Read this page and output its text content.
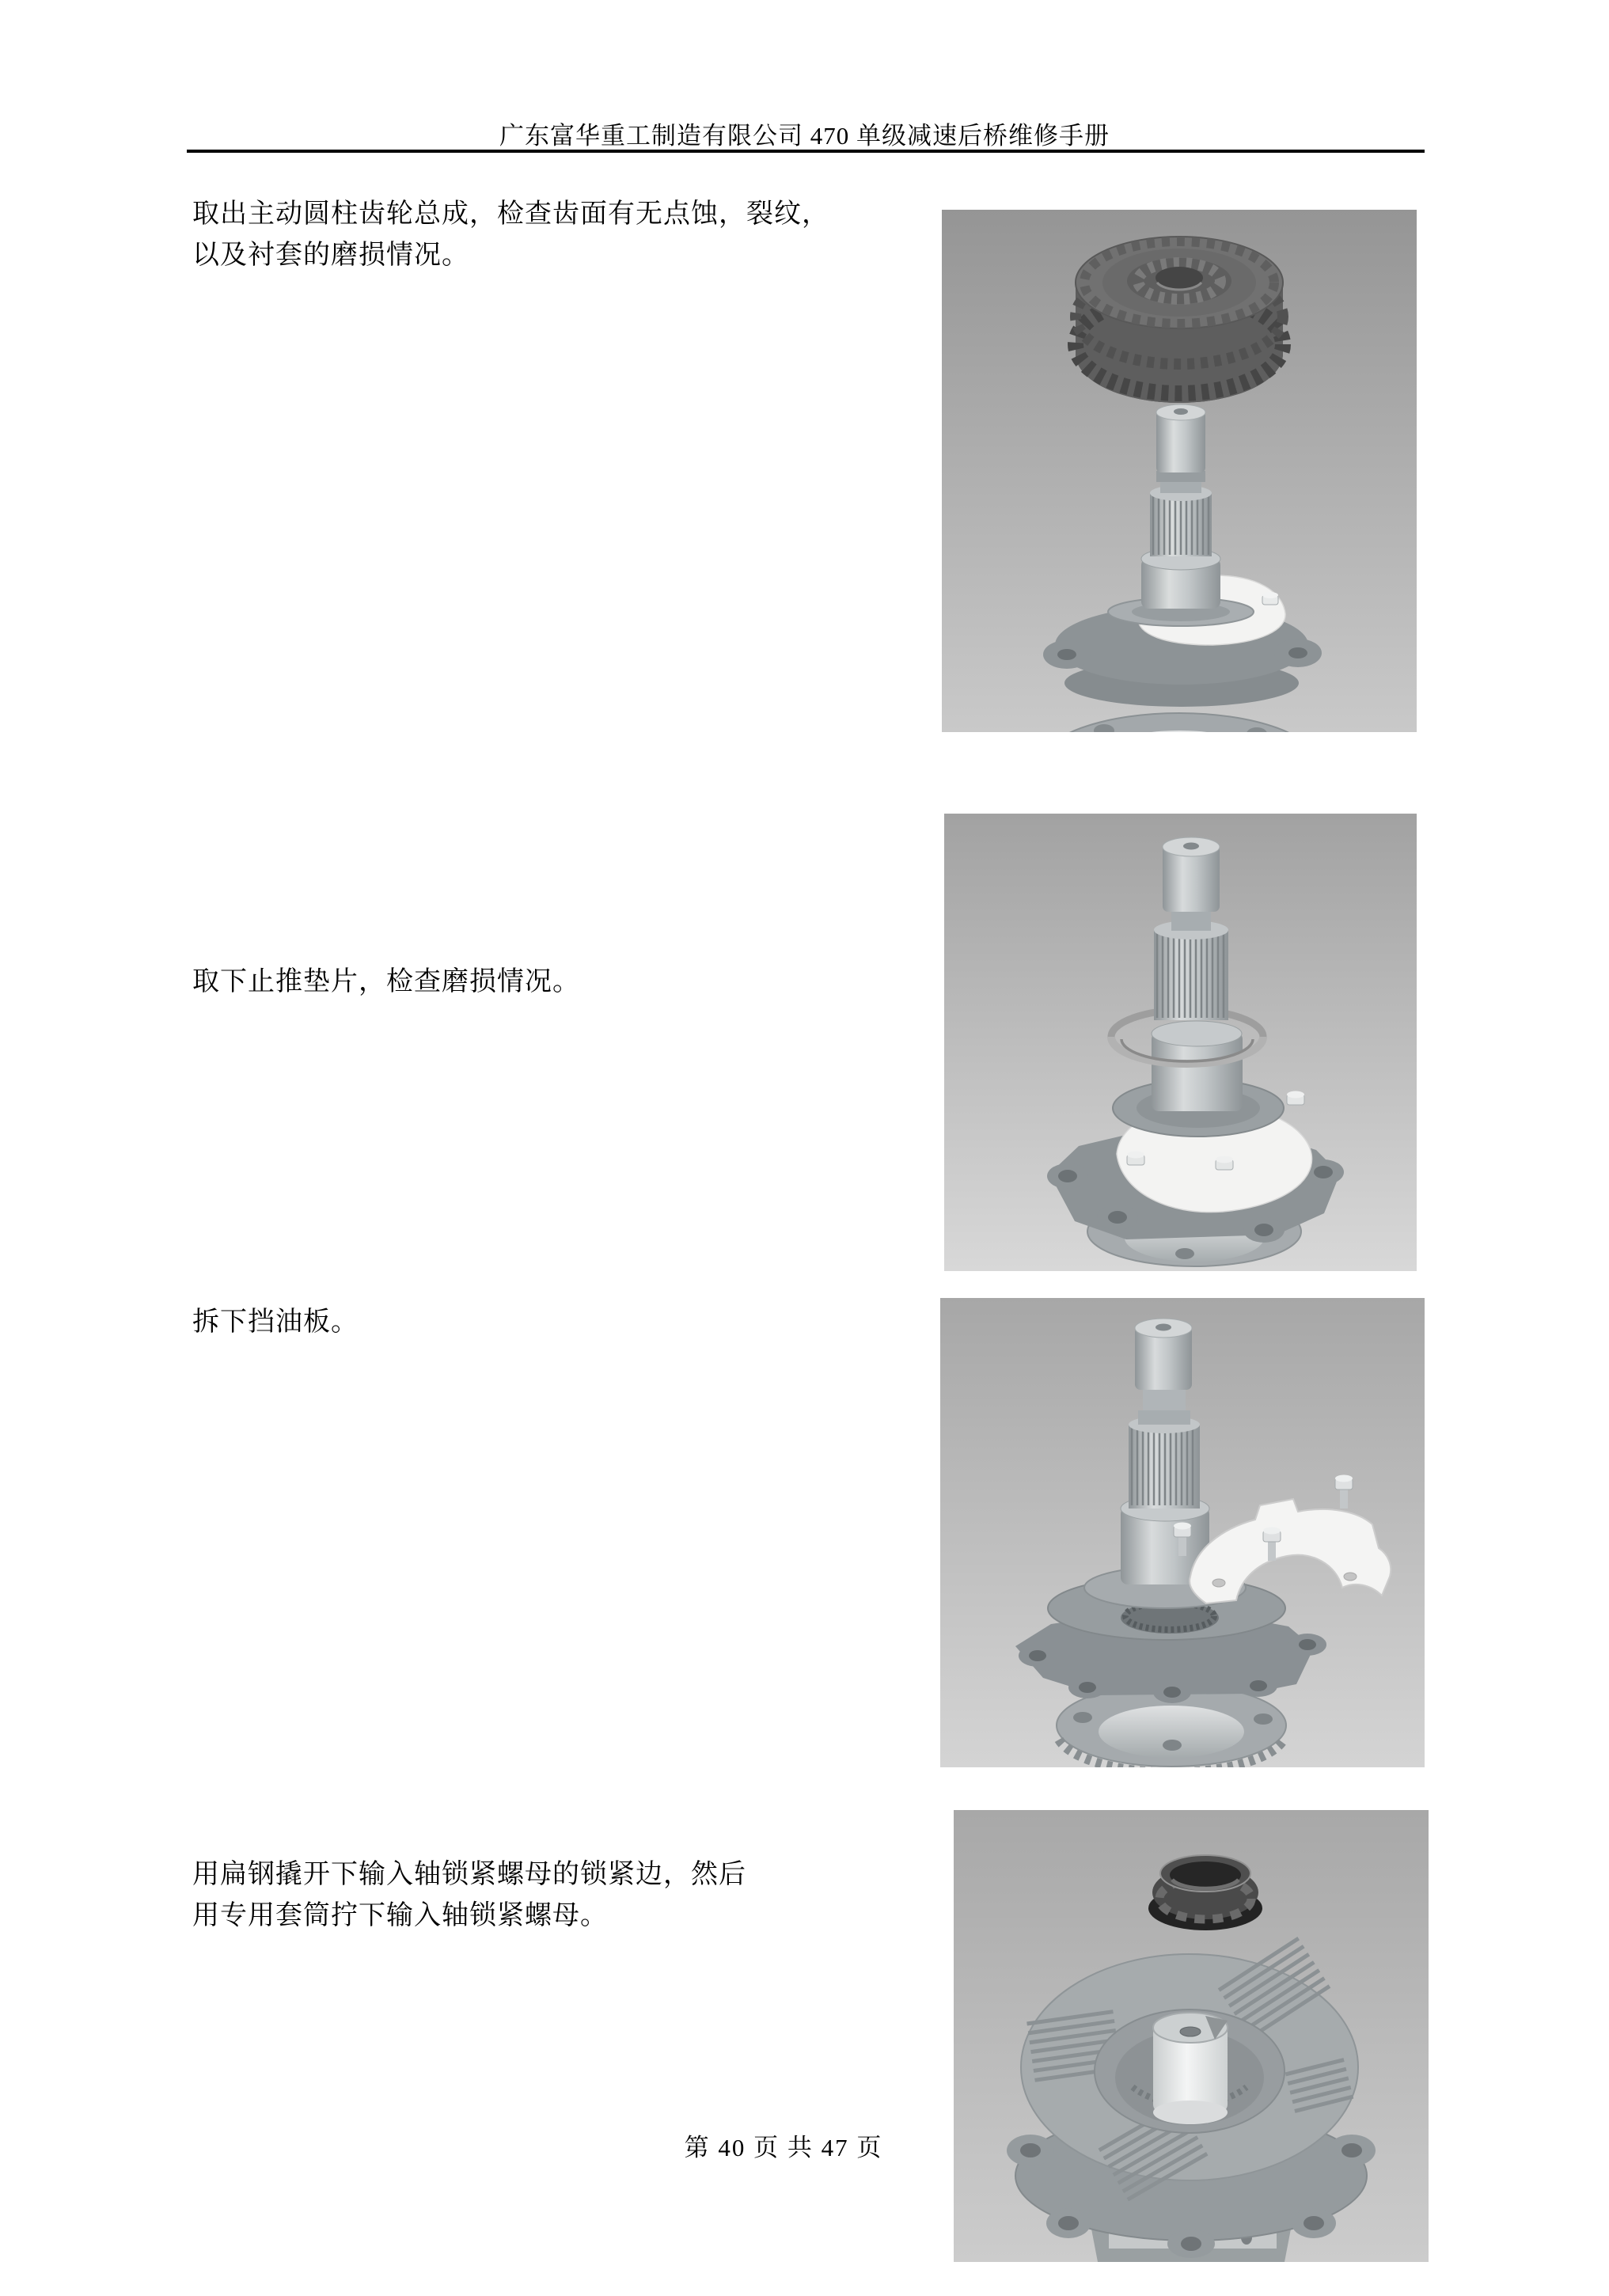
广东富华重工制造有限公司 470 单级减速后桥维修手册
取出主动圆柱齿轮总成，检查齿面有无点蚀，裂纹，
以及衬套的磨损情况。
取下止推垫片，检查磨损情况。
拆下挡油板。
用扁钢撬开下输入轴锁紧螺母的锁紧边，然后
用专用套筒拧下输入轴锁紧螺母。
第 40 页 共 47 页
